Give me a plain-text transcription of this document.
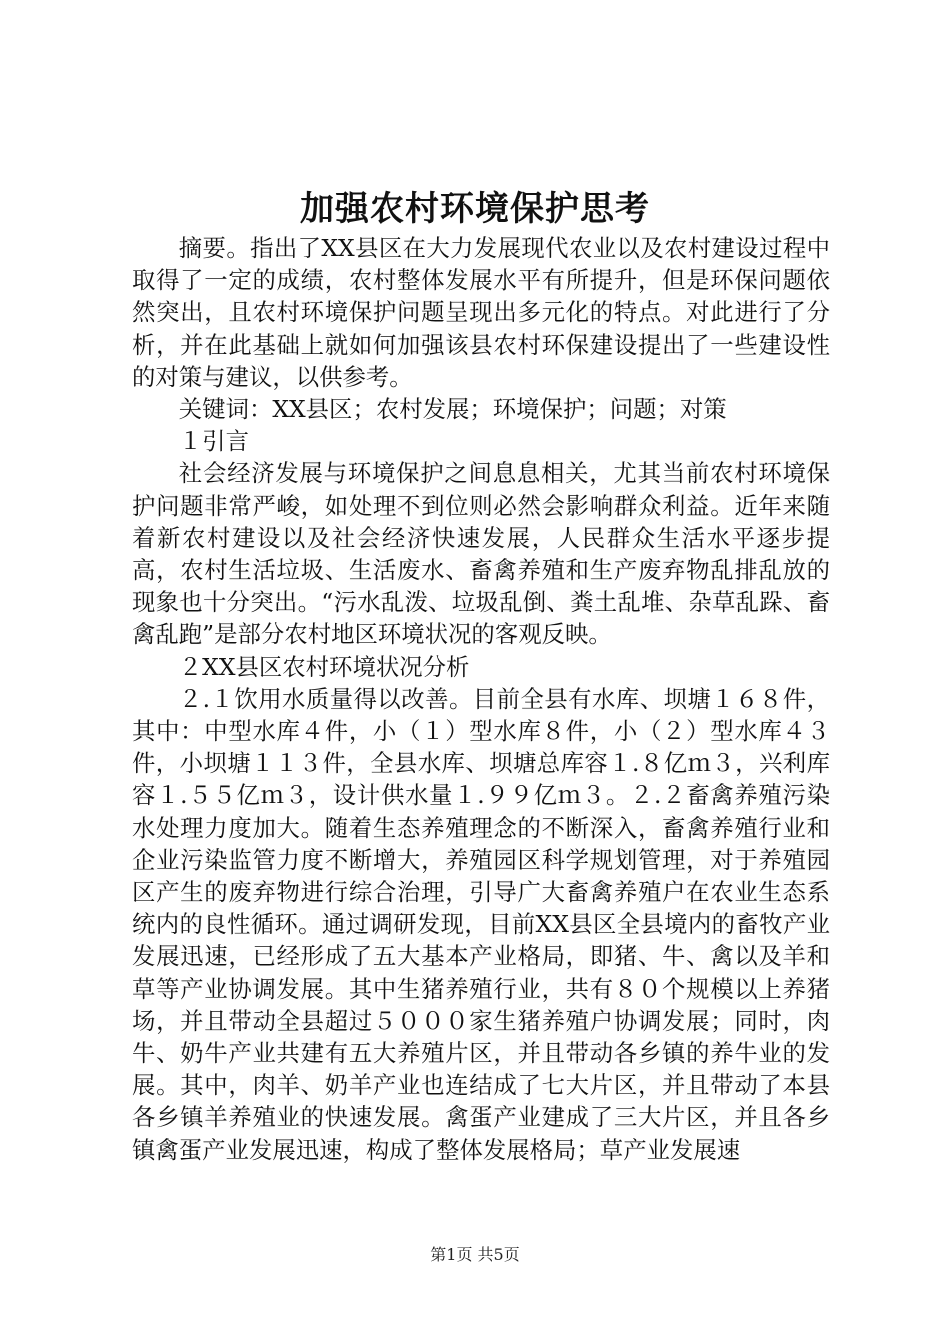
加强农村环境保护思考

摘要。指出了XX县区在大力发展现代农业以及农村建设过程中取得了一定的成绩，农村整体发展水平有所提升，但是环保问题依然突出，且农村环境保护问题呈现出多元化的特点。对此进行了分析，并在此基础上就如何加强该县农村环保建设提出了一些建设性的对策与建议，以供参考。

关键词：XX县区；农村发展；环境保护；问题；对策

１引言

社会经济发展与环境保护之间息息相关，尤其当前农村环境保护问题非常严峻，如处理不到位则必然会影响群众利益。近年来随着新农村建设以及社会经济快速发展，人民群众生活水平逐步提高，农村生活垃圾、生活废水、畜禽养殖和生产废弃物乱排乱放的现象也十分突出。“污水乱泼、垃圾乱倒、粪土乱堆、杂草乱跺、畜禽乱跑”是部分农村地区环境状况的客观反映。

２XX县区农村环境状况分析

２.１饮用水质量得以改善。目前全县有水库、坝塘１６８件，其中：中型水库４件，小（１）型水库８件，小（２）型水库４３件，小坝塘１１３件，全县水库、坝塘总库容１.８亿ｍ３，兴利库容１.５５亿ｍ３，设计供水量１.９９亿ｍ３。２.２畜禽养殖污染水处理力度加大。随着生态养殖理念的不断深入，畜禽养殖行业和企业污染监管力度不断增大，养殖园区科学规划管理，对于养殖园区产生的废弃物进行综合治理，引导广大畜禽养殖户在农业生态系统内的良性循环。通过调研发现，目前XX县区全县境内的畜牧产业发展迅速，已经形成了五大基本产业格局，即猪、牛、禽以及羊和草等产业协调发展。其中生猪养殖行业，共有８０个规模以上养猪场，并且带动全县超过５０００家生猪养殖户协调发展；同时，肉牛、奶牛产业共建有五大养殖片区，并且带动各乡镇的养牛业的发展。其中，肉羊、奶羊产业也连结成了七大片区，并且带动了本县各乡镇羊养殖业的快速发展。禽蛋产业建成了三大片区，并且各乡镇禽蛋产业发展迅速，构成了整体发展格局；草产业发展速

第1页 共5页
